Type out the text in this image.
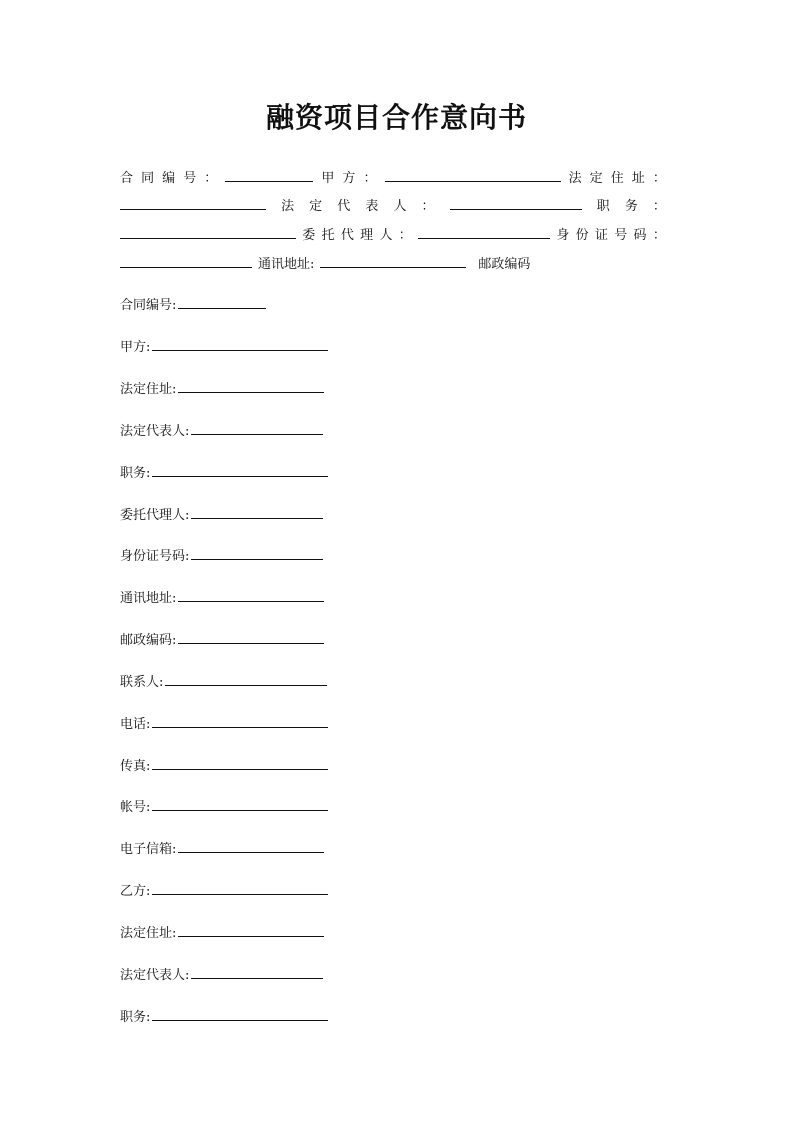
融资项目合作意向书
合 同 编 号 ：	甲 方 ：	法 定 住 址 ：
法 定 代 表 人 ：	职 务 ：
委 托 代 理 人 ：	身 份 证 号 码 ：
通讯地址:	邮政编码
合同编号:
甲方:
法定住址:
法定代表人:
职务:
委托代理人:
身份证号码:
通讯地址:
邮政编码:
联系人:
电话:
传真:
帐号:
电子信箱:
乙方:
法定住址:
法定代表人:
职务:
